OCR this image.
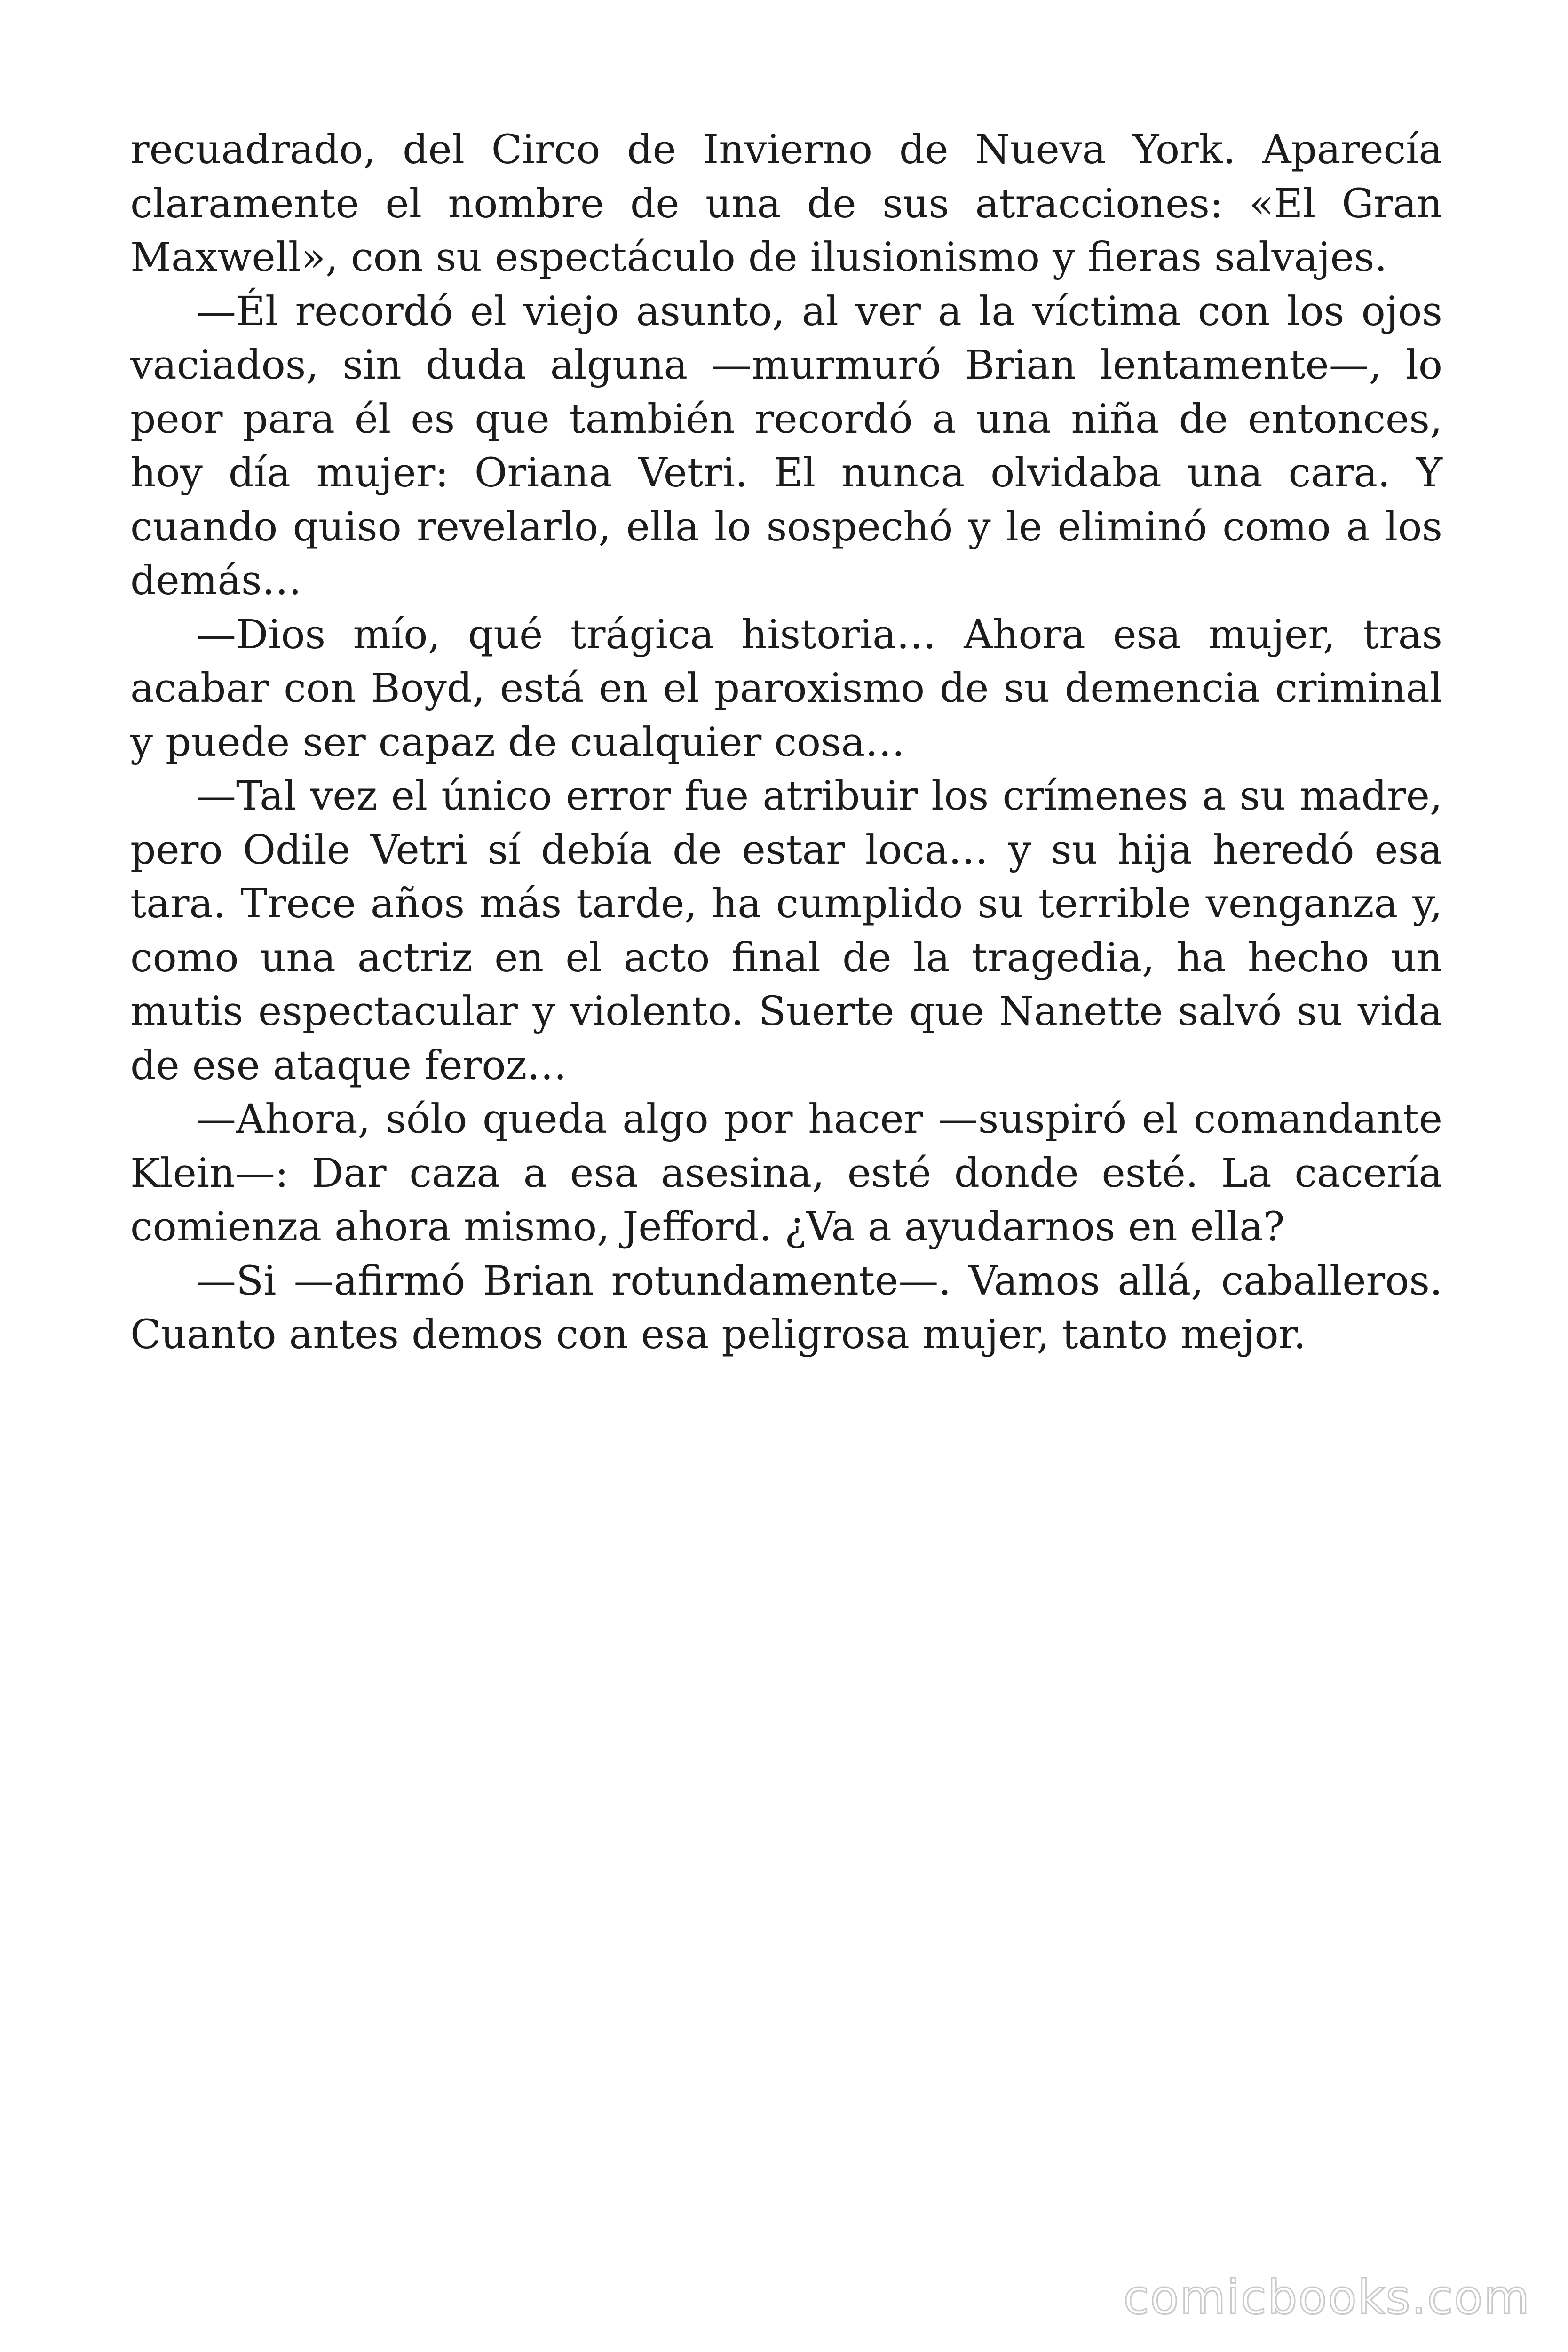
recuadrado, del Circo de Invierno de Nueva York. Aparecía claramente el nombre de una de sus atracciones: «El Gran Maxwell», con su espectáculo de ilusionismo y fieras salvajes.

—Él recordó el viejo asunto, al ver a la víctima con los ojos vaciados, sin duda alguna —murmuró Brian lentamente—, lo peor para él es que también recordó a una niña de entonces, hoy día mujer: Oriana Vetri. El nunca olvidaba una cara. Y cuando quiso revelarlo, ella lo sospechó y le eliminó como a los demás…

—Dios mío, qué trágica historia… Ahora esa mujer, tras acabar con Boyd, está en el paroxismo de su demencia criminal y puede ser capaz de cualquier cosa…

—Tal vez el único error fue atribuir los crímenes a su madre, pero Odile Vetri sí debía de estar loca… y su hija heredó esa tara. Trece años más tarde, ha cumplido su terrible venganza y, como una actriz en el acto final de la tragedia, ha hecho un mutis espectacular y violento. Suerte que Nanette salvó su vida de ese ataque feroz…

—Ahora, sólo queda algo por hacer —suspiró el comandante Klein—: Dar caza a esa asesina, esté donde esté. La cacería comienza ahora mismo, Jefford. ¿Va a ayudarnos en ella?

—Si —afirmó Brian rotundamente—. Vamos allá, caballeros. Cuanto antes demos con esa peligrosa mujer, tanto mejor.

comicbooks.com
